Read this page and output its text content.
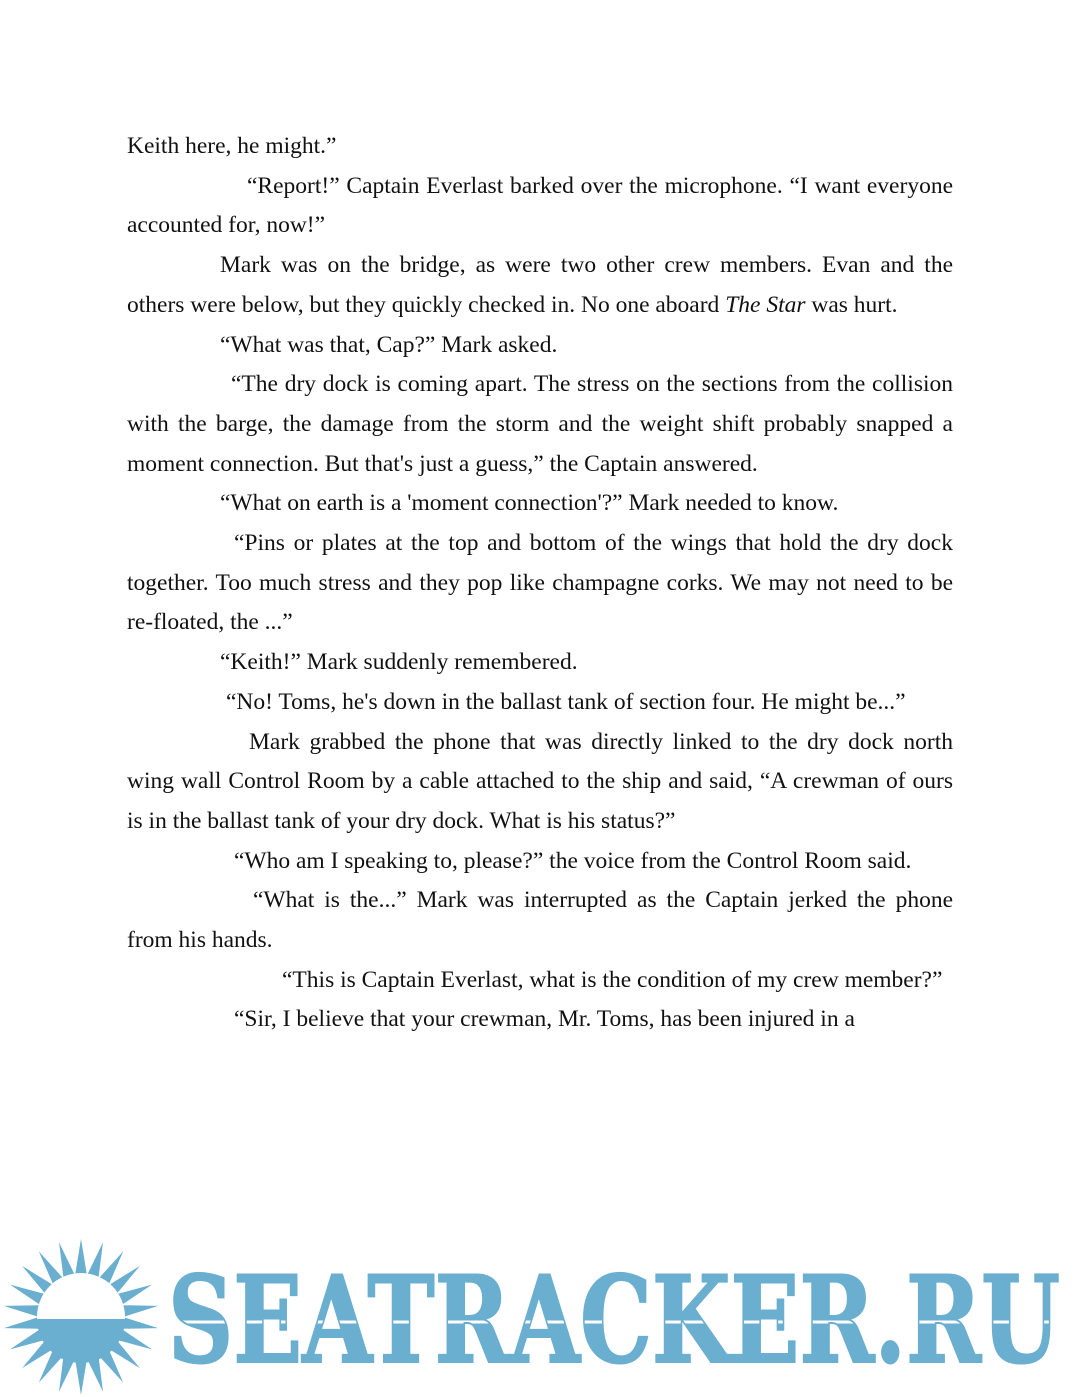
Keith here, he might.”

“Report!” Captain Everlast barked over the microphone. “I want everyone accounted for, now!”

Mark was on the bridge, as were two other crew members. Evan and the others were below, but they quickly checked in. No one aboard The Star was hurt.

“What was that, Cap?” Mark asked.

“The dry dock is coming apart. The stress on the sections from the collision with the barge, the damage from the storm and the weight shift probably snapped a moment connection. But that's just a guess,” the Captain answered.

“What on earth is a 'moment connection'?” Mark needed to know.

“Pins or plates at the top and bottom of the wings that hold the dry dock together. Too much stress and they pop like champagne corks. We may not need to be re-floated, the ...”

“Keith!” Mark suddenly remembered.

“No! Toms, he's down in the ballast tank of section four. He might be...”

Mark grabbed the phone that was directly linked to the dry dock north wing wall Control Room by a cable attached to the ship and said, “A crewman of ours is in the ballast tank of your dry dock. What is his status?”

“Who am I speaking to, please?” the voice from the Control Room said.

“What is the...” Mark was interrupted as the Captain jerked the phone from his hands.

“This is Captain Everlast, what is the condition of my crew member?”

“Sir, I believe that your crewman, Mr. Toms, has been injured in a

SEATRACKER.RU
